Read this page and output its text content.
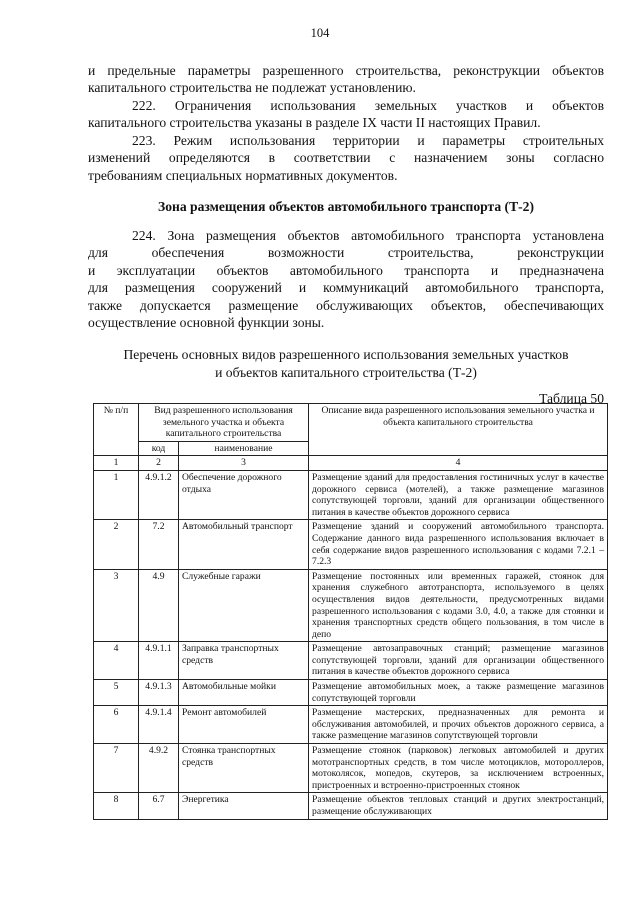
104
и предельные параметры разрешенного строительства, реконструкции объектов
капитального строительства не подлежат установлению.
222. Ограничения использования земельных участков и объектов
капитального строительства указаны в разделе IX части II настоящих Правил.
223. Режим использования территории и параметры строительных
изменений определяются в соответствии с назначением зоны согласно
требованиям специальных нормативных документов.
Зона размещения объектов автомобильного транспорта (Т-2)
224. Зона размещения объектов автомобильного транспорта установлена
для обеспечения возможности строительства, реконструкции
и эксплуатации объектов автомобильного транспорта и предназначена
для размещения сооружений и коммуникаций автомобильного транспорта,
также допускается размещение обслуживающих объектов, обеспечивающих
осуществление основной функции зоны.
Перечень основных видов разрешенного использования земельных участков
и объектов капитального строительства (Т-2)
Таблица 50
№ п/п	Вид разрешенного использования земельного участка и объекта капитального строительства		Описание вида разрешенного использования земельного участка и объекта капитального строительства
	код	наименование	
1	2	3	4
1	4.9.1.2	Обеспечение дорожного отдыха	Размещение зданий для предоставления гостиничных услуг в качестве дорожного сервиса (мотелей), а также размещение магазинов сопутствующей торговли, зданий для организации общественного питания в качестве объектов дорожного сервиса
2	7.2	Автомобильный транспорт	Размещение зданий и сооружений автомобильного транспорта. Содержание данного вида разрешенного использования включает в себя содержание видов разрешенного использования с кодами 7.2.1 – 7.2.3
3	4.9	Служебные гаражи	Размещение постоянных или временных гаражей, стоянок для хранения служебного автотранспорта, используемого в целях осуществления видов деятельности, предусмотренных видами разрешенного использования с кодами 3.0, 4.0, а также для стоянки и хранения транспортных средств общего пользования, в том числе в депо
4	4.9.1.1	Заправка транспортных средств	Размещение автозаправочных станций; размещение магазинов сопутствующей торговли, зданий для организации общественного питания в качестве объектов дорожного сервиса
5	4.9.1.3	Автомобильные мойки	Размещение автомобильных моек, а также размещение магазинов сопутствующей торговли
6	4.9.1.4	Ремонт автомобилей	Размещение мастерских, предназначенных для ремонта и обслуживания автомобилей, и прочих объектов дорожного сервиса, а также размещение магазинов сопутствующей торговли
7	4.9.2	Стоянка транспортных средств	Размещение стоянок (парковок) легковых автомобилей и других мототранспортных средств, в том числе мотоциклов, мотороллеров, мотоколясок, мопедов, скутеров, за исключением встроенных, пристроенных и встроенно-пристроенных стоянок
8	6.7	Энергетика	Размещение объектов тепловых станций и других электростанций, размещение обслуживающих
